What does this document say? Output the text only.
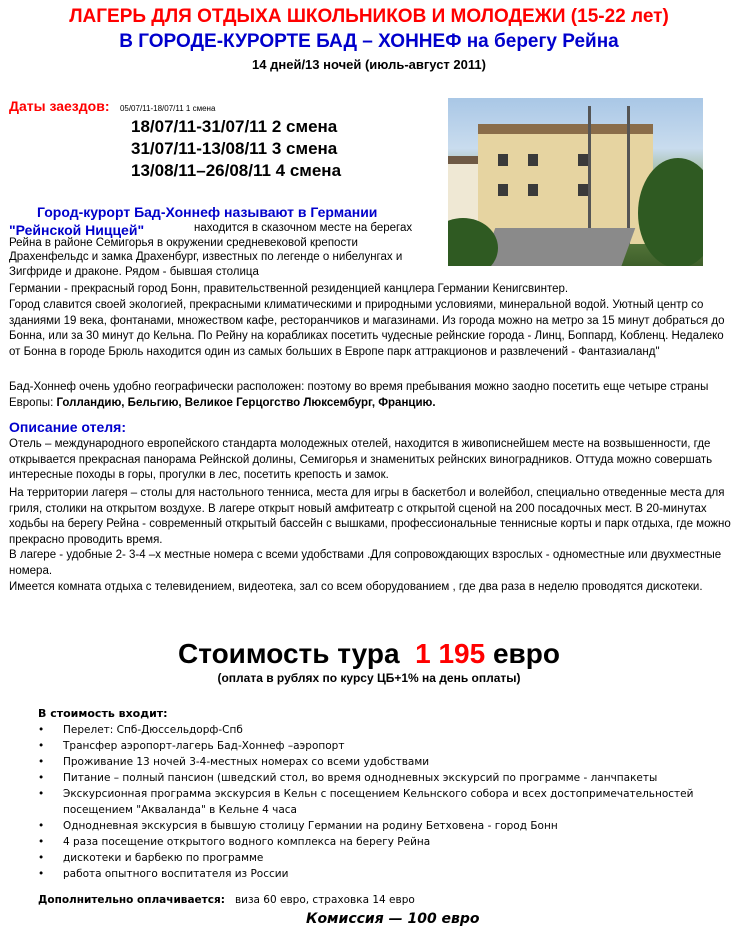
ЛАГЕРЬ ДЛЯ ОТДЫХА ШКОЛЬНИКОВ И МОЛОДЕЖИ (15-22 лет)
В ГОРОДЕ-КУРОРТЕ БАД – ХОННЕФ на берегу Рейна
14 дней/13 ночей (июль-август 2011)
Даты заездов: 05/07/11-18/07/11 1 смена
18/07/11-31/07/11 2 смена
31/07/11-13/08/11 3 смена
13/08/11–26/08/11 4 смена
Город-курорт Бад-Хоннеф называют в Германии
"Рейнской Ниццей"	находится в сказочном месте на берегах
Рейна в районе Семигорья в окружении средневековой крепости Драхенфельдс и замка Драхенбург, известных по легенде о нибелунгах и Зигфриде и драконе. Рядом - бывшая столица
Германии - прекрасный город Бонн, правительственной резиденцией канцлера Германии Кенигсвинтер.
Город славится своей экологией, прекрасными климатическими и природными условиями, минеральной водой. Уютный центр со зданиями 19 века, фонтанами, множеством кафе, ресторанчиков и магазинами. Из города можно на метро за 15 минут добраться до Бонна, или за 30 минут до Кельна. По Рейну на корабликах посетить чудесные рейнские города - Линц, Боппард, Кобленц. Недалеко от Бонна в городе Брюль находится один из самых больших в Европе парк аттракционов и развлечений - Фантазиаланд"
Бад-Хоннеф очень удобно географически расположен: поэтому во время пребывания можно заодно посетить еще четыре страны Европы: Голландию, Бельгию, Великое Герцогство Люксембург, Францию.
Описание отеля:
Отель – международного европейского стандарта молодежных отелей, находится в живописнейшем месте на возвышенности, где открывается прекрасная панорама Рейнской долины, Семигорья и знаменитых рейнских виноградников. Оттуда можно совершать интересные походы в горы, прогулки в лес, посетить крепость и замок.
На территории лагеря – столы для настольного тенниса, места для игры в баскетбол и волейбол, специально отведенные места для гриля, столики на открытом воздухе. В лагере открыт новый амфитеатр с открытой сценой на 200 посадочных мест. В 20-минутах ходьбы на берегу Рейна - современный открытый бассейн с вышками, профессиональные теннисные корты и парк отдыха, где можно прекрасно проводить время.
В лагере - удобные 2- 3-4 –х местные номера с всеми удобствами .Для сопровождающих взрослых - одноместные или двухместные номера.
Имеется комната отдыха с телевидением, видеотека, зал со всем оборудованием , где два раза в неделю проводятся дискотеки.
Стоимость тура 1 195 евро
(оплата в рублях по курсу ЦБ+1% на день оплаты)
В стоимость входит:
• Перелет: Спб-Дюссельдорф-Спб
• Трансфер аэропорт-лагерь Бад-Хоннеф –аэропорт
• Проживание 13 ночей 3-4-местных номерах со всеми удобствами
• Питание – полный пансион (шведский стол, во время однодневных экскурсий по программе - ланчпакеты
• Экскурсионная программа экскурсия в Кельн с посещением Кельнского собора и всех достопримечательностей
посещением "Акваланда" в Кельне 4 часа
• Однодневная экскурсия в бывшую столицу Германии на родину Бетховена - город Бонн
• 4 раза посещение открытого водного комплекса на берегу Рейна
• дискотеки и барбекю по программе
• работа опытного воспитателя из России
Дополнительно оплачивается: виза 60 евро, страховка 14 евро
Комиссия — 100 евро
